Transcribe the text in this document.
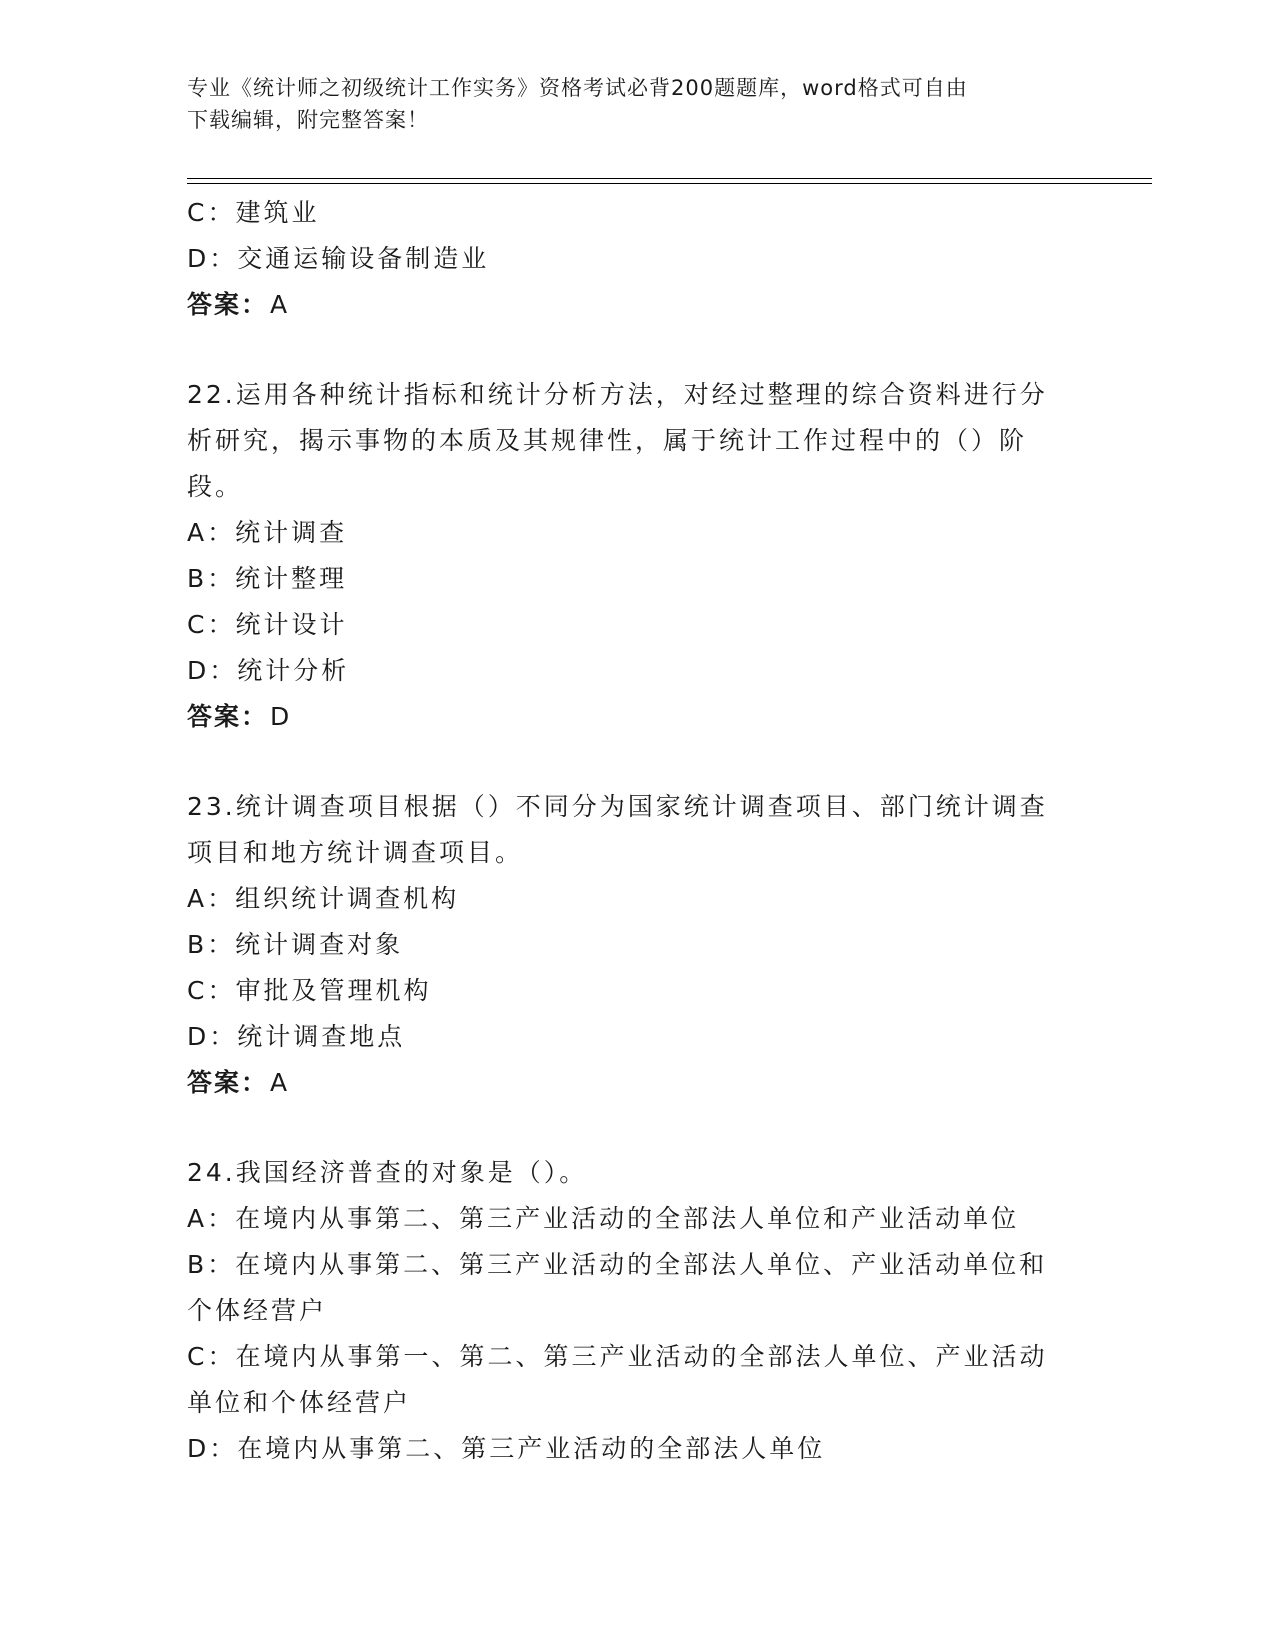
专业《统计师之初级统计工作实务》资格考试必背200题题库，word格式可自由
下载编辑，附完整答案！
C：建筑业
D：交通运输设备制造业
答案：A
22.运用各种统计指标和统计分析方法，对经过整理的综合资料进行分
析研究，揭示事物的本质及其规律性，属于统计工作过程中的（）阶
段。
A：统计调查
B：统计整理
C：统计设计
D：统计分析
答案：D
23.统计调查项目根据（）不同分为国家统计调查项目、部门统计调查
项目和地方统计调查项目。
A：组织统计调查机构
B：统计调查对象
C：审批及管理机构
D：统计调查地点
答案：A
24.我国经济普查的对象是（）。
A：在境内从事第二、第三产业活动的全部法人单位和产业活动单位
B：在境内从事第二、第三产业活动的全部法人单位、产业活动单位和
个体经营户
C：在境内从事第一、第二、第三产业活动的全部法人单位、产业活动
单位和个体经营户
D：在境内从事第二、第三产业活动的全部法人单位
